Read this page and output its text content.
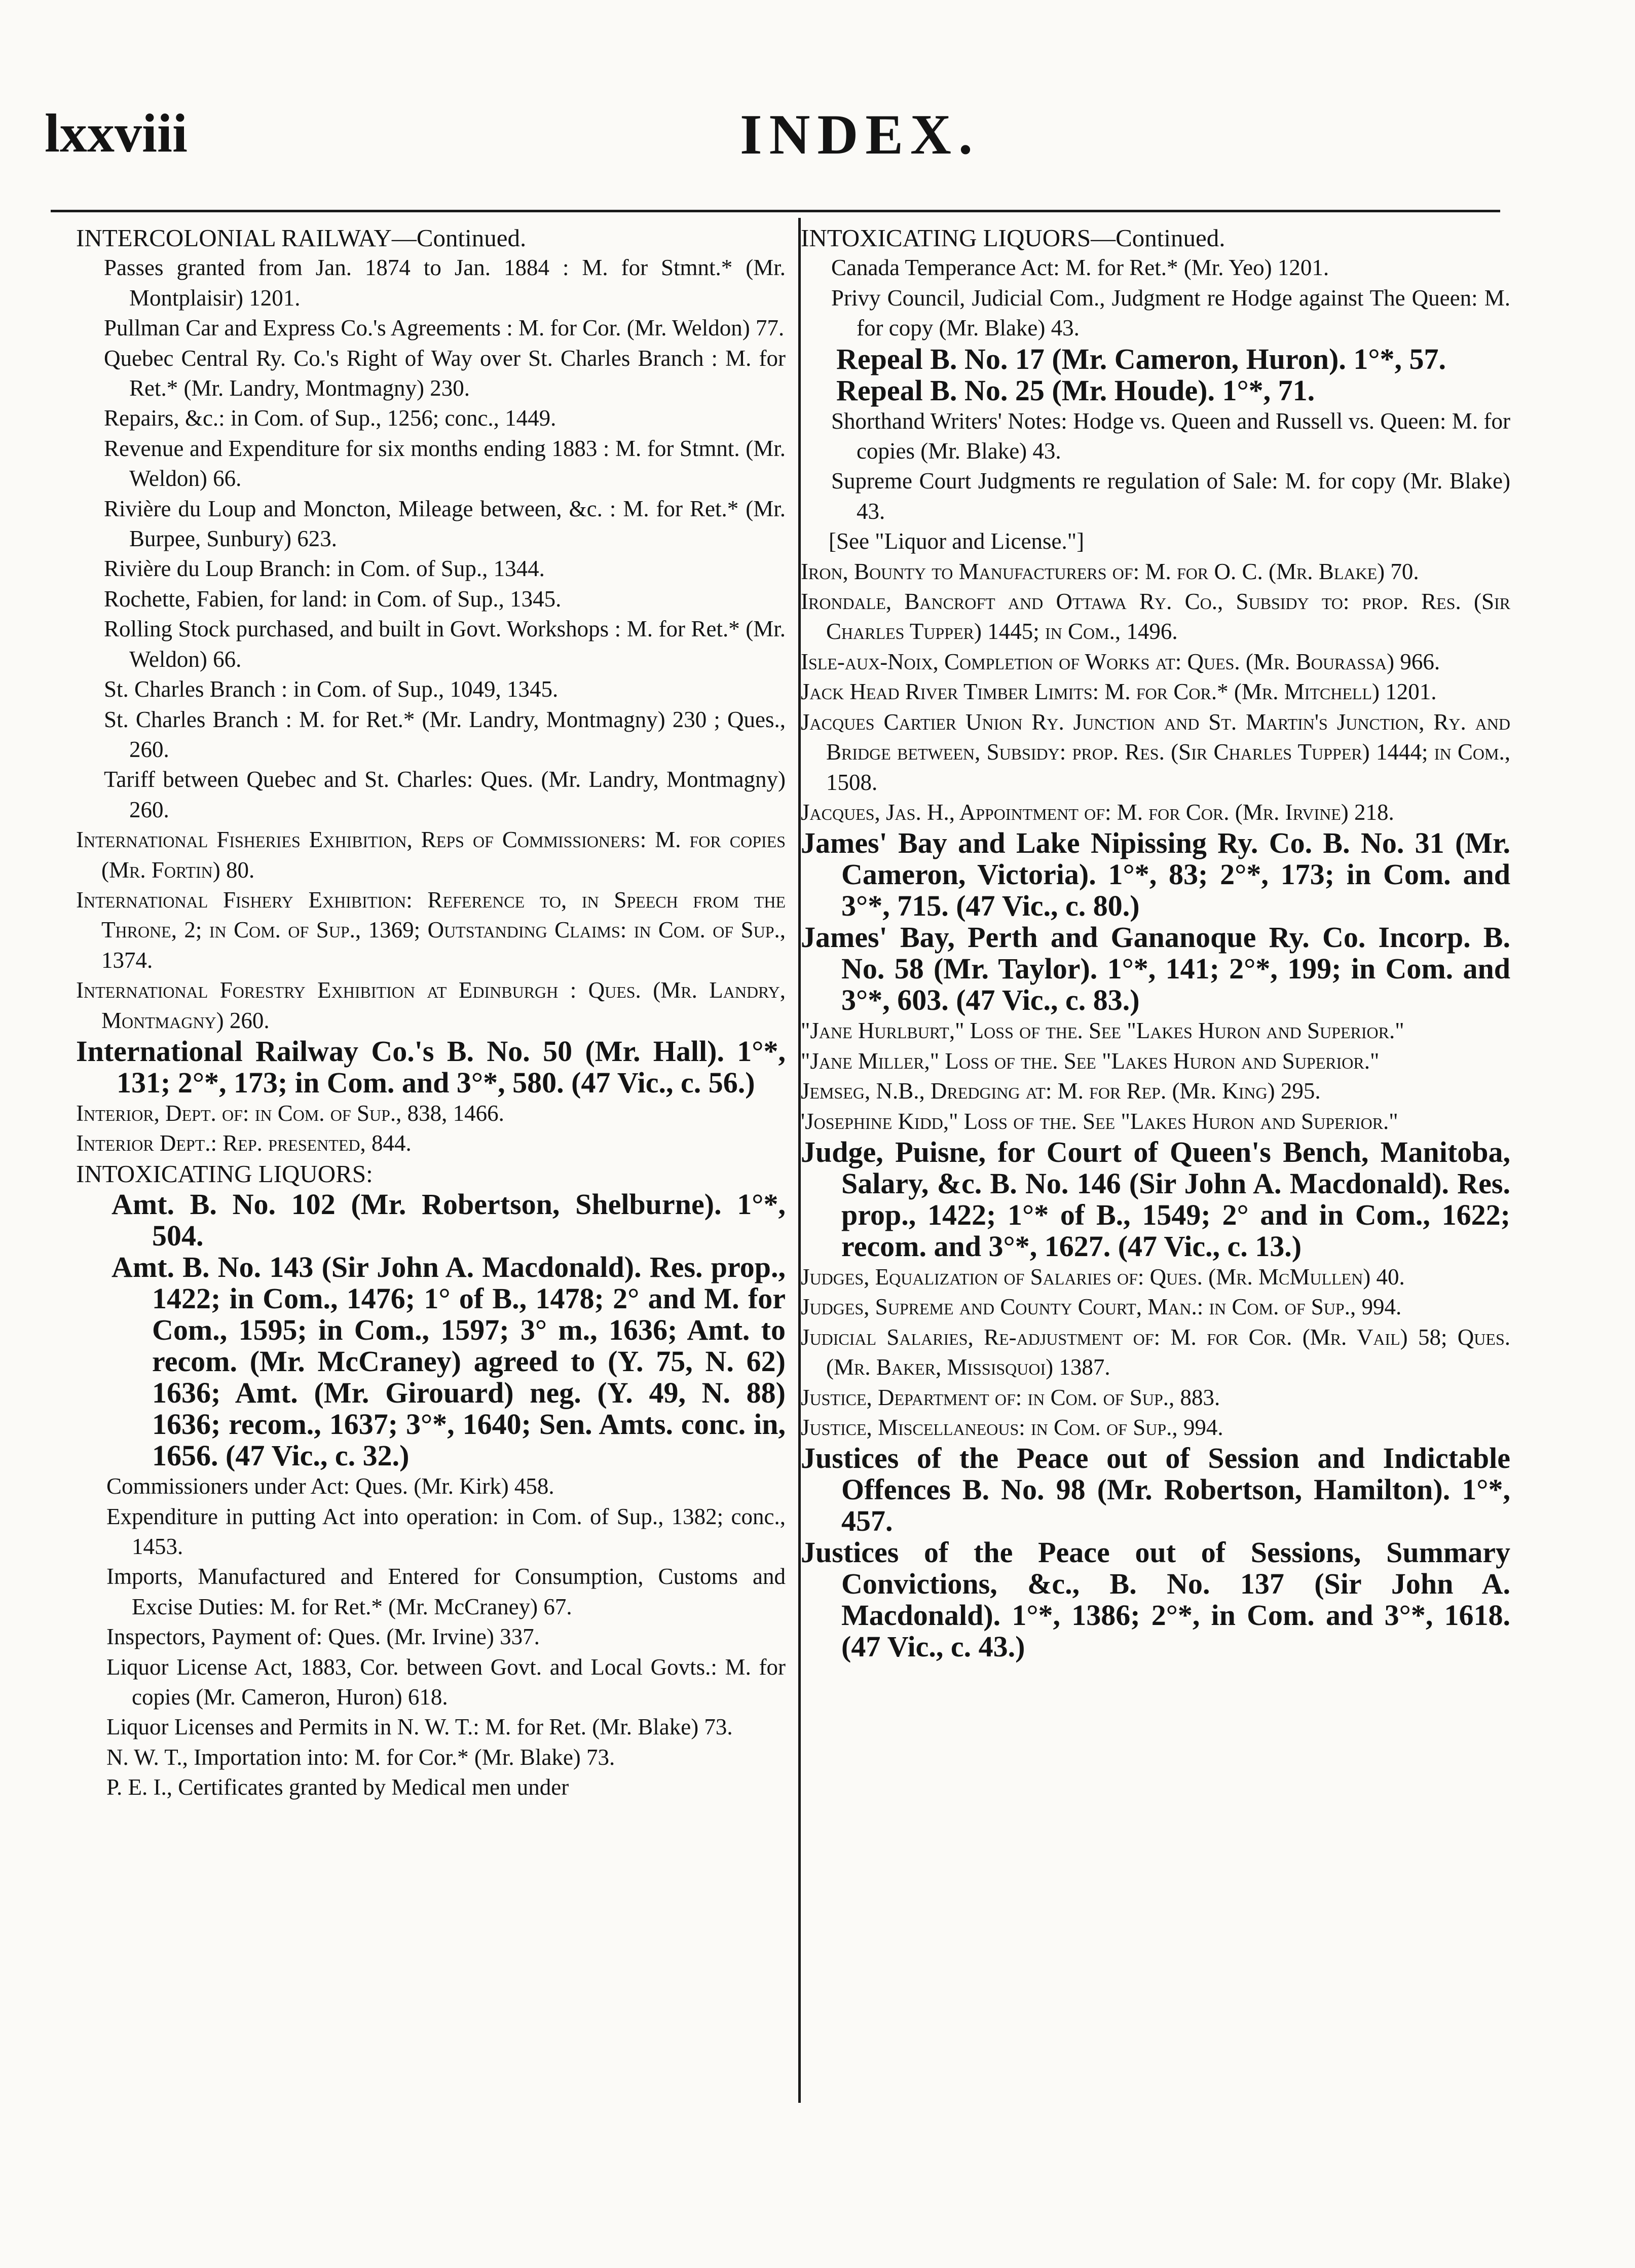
lxxviii	INDEX.
INTERCOLONIAL RAILWAY—Continued.
Passes granted from Jan. 1874 to Jan. 1884 : M. for Stmnt.* (Mr. Montplaisir) 1201.
Pullman Car and Express Co.'s Agreements : M. for Cor. (Mr. Weldon) 77.
Quebec Central Ry. Co.'s Right of Way over St. Charles Branch : M. for Ret.* (Mr. Landry, Montmagny) 230.
Repairs, &c.: in Com. of Sup., 1256; conc., 1449.
Revenue and Expenditure for six months ending 1883 : M. for Stmnt. (Mr. Weldon) 66.
Rivière du Loup and Moncton, Mileage between, &c. : M. for Ret.* (Mr. Burpee, Sunbury) 623.
Rivière du Loup Branch: in Com. of Sup., 1344.
Rochette, Fabien, for land: in Com. of Sup., 1345.
Rolling Stock purchased, and built in Govt. Workshops : M. for Ret.* (Mr. Weldon) 66.
St. Charles Branch : in Com. of Sup., 1049, 1345.
St. Charles Branch : M. for Ret.* (Mr. Landry, Montmagny) 230 ; Ques., 260.
Tariff between Quebec and St. Charles: Ques. (Mr. Landry, Montmagny) 260.
International Fisheries Exhibition, Reps of Commissioners: M. for copies (Mr. Fortin) 80.
International Fishery Exhibition: Reference to, in Speech from the Throne, 2; in Com. of Sup., 1369; Outstanding Claims: in Com. of Sup., 1374.
International Forestry Exhibition at Edinburgh : Ques. (Mr. Landry, Montmagny) 260.
International Railway Co.'s B. No. 50 (Mr. Hall). 1°*, 131; 2°*, 173; in Com. and 3°*, 580. (47 Vic., c. 56.)
Interior, Dept. of: in Com. of Sup., 838, 1466.
Interior Dept.: Rep. presented, 844.
INTOXICATING LIQUORS:
Amt. B. No. 102 (Mr. Robertson, Shelburne). 1°*, 504.
Amt. B. No. 143 (Sir John A. Macdonald). Res. prop., 1422; in Com., 1476; 1° of B., 1478; 2° and M. for Com., 1595; in Com., 1597; 3° m., 1636; Amt. to recom. (Mr. McCraney) agreed to (Y. 75, N. 62) 1636; Amt. (Mr. Girouard) neg. (Y. 49, N. 88) 1636; recom., 1637; 3°*, 1640; Sen. Amts. conc. in, 1656. (47 Vic., c. 32.)
Commissioners under Act: Ques. (Mr. Kirk) 458.
Expenditure in putting Act into operation: in Com. of Sup., 1382; conc., 1453.
Imports, Manufactured and Entered for Consumption, Customs and Excise Duties: M. for Ret.* (Mr. McCraney) 67.
Inspectors, Payment of: Ques. (Mr. Irvine) 337.
Liquor License Act, 1883, Cor. between Govt. and Local Govts.: M. for copies (Mr. Cameron, Huron) 618.
Liquor Licenses and Permits in N. W. T.: M. for Ret. (Mr. Blake) 73.
N. W. T., Importation into: M. for Cor.* (Mr. Blake) 73.
P. E. I., Certificates granted by Medical men under
INTOXICATING LIQUORS—Continued.
Canada Temperance Act: M. for Ret.* (Mr. Yeo) 1201.
Privy Council, Judicial Com., Judgment re Hodge against The Queen: M. for copy (Mr. Blake) 43.
Repeal B. No. 17 (Mr. Cameron, Huron). 1°*, 57.
Repeal B. No. 25 (Mr. Houde). 1°*, 71.
Shorthand Writers' Notes: Hodge vs. Queen and Russell vs. Queen: M. for copies (Mr. Blake) 43.
Supreme Court Judgments re regulation of Sale: M. for copy (Mr. Blake) 43.
[See "Liquor and License."]
Iron, Bounty to Manufacturers of: M. for O. C. (Mr. Blake) 70.
Irondale, Bancroft and Ottawa Ry. Co., Subsidy to: prop. Res. (Sir Charles Tupper) 1445; in Com., 1496.
Isle-aux-Noix, Completion of Works at: Ques. (Mr. Bourassa) 966.
Jack Head River Timber Limits: M. for Cor.* (Mr. Mitchell) 1201.
Jacques Cartier Union Ry. Junction and St. Martin's Junction, Ry. and Bridge between, Subsidy: prop. Res. (Sir Charles Tupper) 1444; in Com., 1508.
Jacques, Jas. H., Appointment of: M. for Cor. (Mr. Irvine) 218.
James' Bay and Lake Nipissing Ry. Co. B. No. 31 (Mr. Cameron, Victoria). 1°*, 83; 2°*, 173; in Com. and 3°*, 715. (47 Vic., c. 80.)
James' Bay, Perth and Gananoque Ry. Co. Incorp. B. No. 58 (Mr. Taylor). 1°*, 141; 2°*, 199; in Com. and 3°*, 603. (47 Vic., c. 83.)
"Jane Hurlburt," Loss of the. See "Lakes Huron and Superior."
"Jane Miller," Loss of the. See "Lakes Huron and Superior."
Jemseg, N.B., Dredging at: M. for Rep. (Mr. King) 295.
'Josephine Kidd," Loss of the. See "Lakes Huron and Superior."
Judge, Puisne, for Court of Queen's Bench, Manitoba, Salary, &c. B. No. 146 (Sir John A. Macdonald). Res. prop., 1422; 1°* of B., 1549; 2° and in Com., 1622; recom. and 3°*, 1627. (47 Vic., c. 13.)
Judges, Equalization of Salaries of: Ques. (Mr. McMullen) 40.
Judges, Supreme and County Court, Man.: in Com. of Sup., 994.
Judicial Salaries, Re-adjustment of: M. for Cor. (Mr. Vail) 58; Ques. (Mr. Baker, Missisquoi) 1387.
Justice, Department of: in Com. of Sup., 883.
Justice, Miscellaneous: in Com. of Sup., 994.
Justices of the Peace out of Session and Indictable Offences B. No. 98 (Mr. Robertson, Hamilton). 1°*, 457.
Justices of the Peace out of Sessions, Summary Convictions, &c., B. No. 137 (Sir John A. Macdonald). 1°*, 1386; 2°*, in Com. and 3°*, 1618. (47 Vic., c. 43.)
